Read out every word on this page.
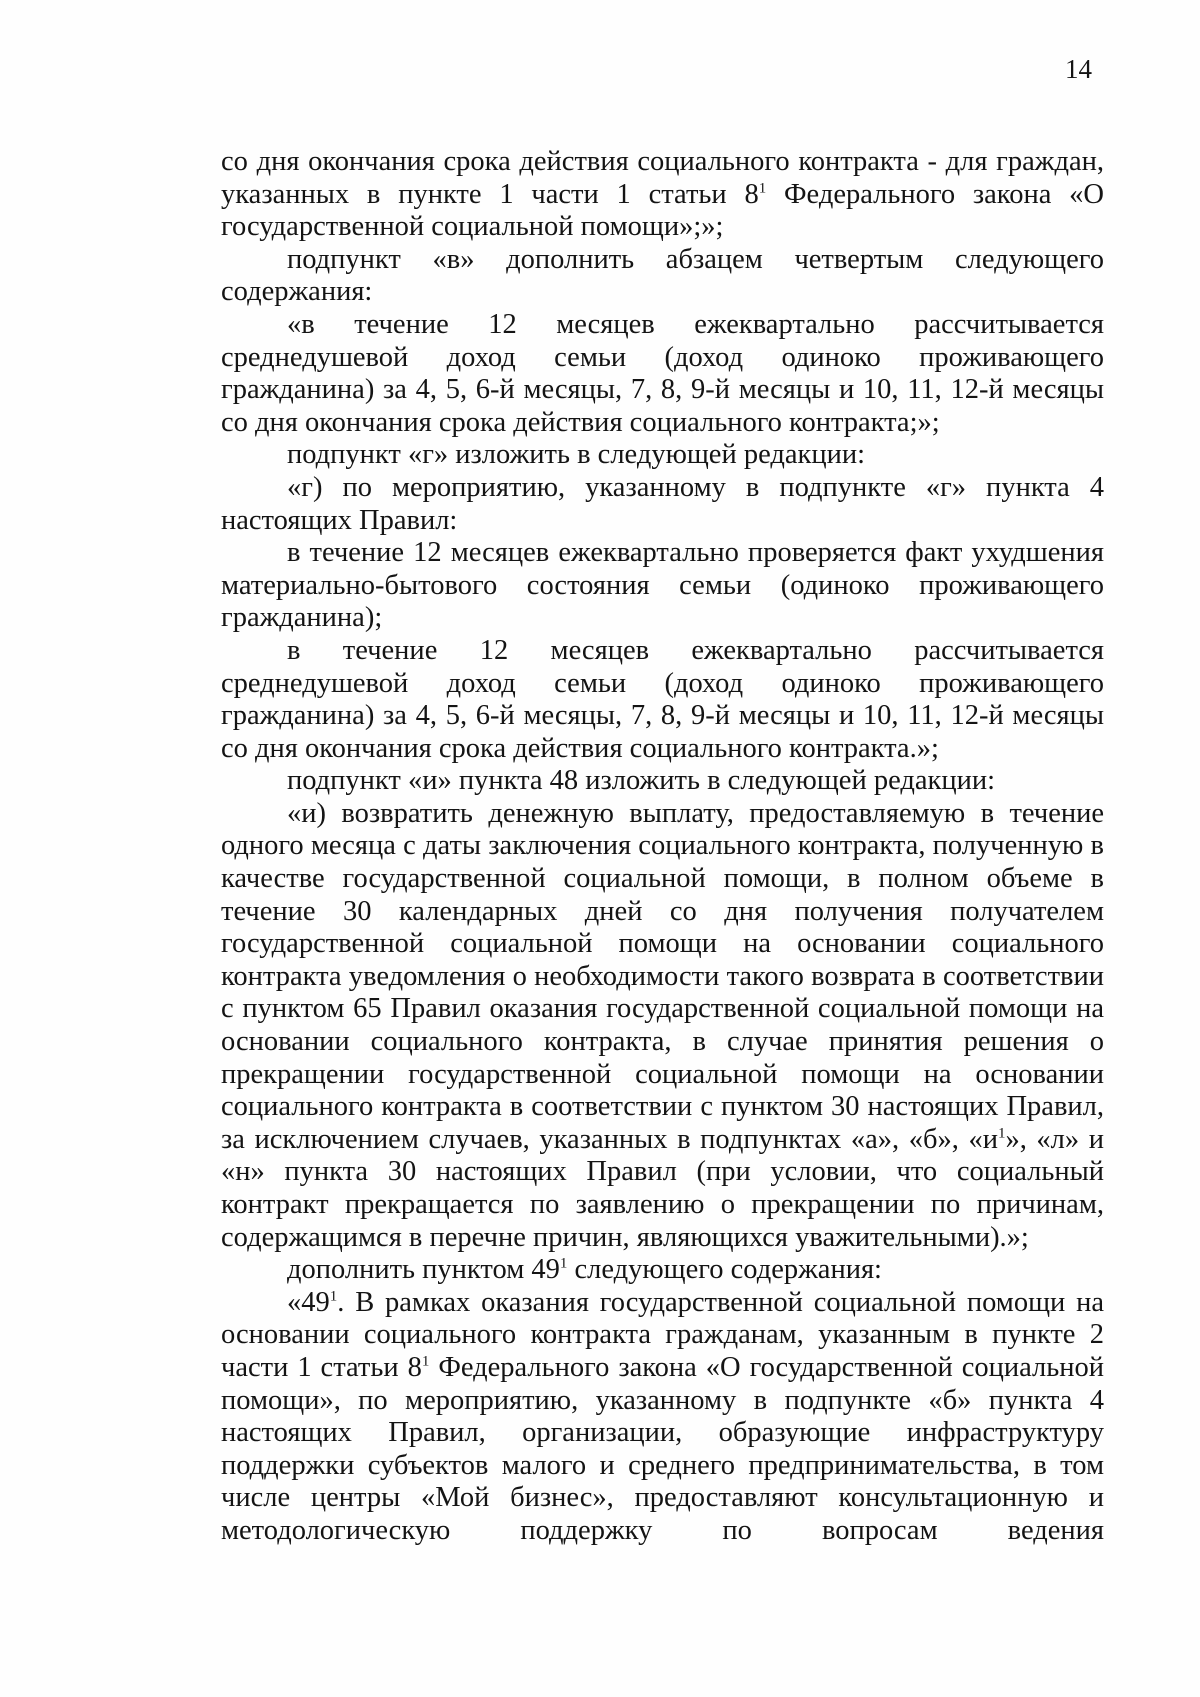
14

со дня окончания срока действия социального контракта - для граждан, указанных в пункте 1 части 1 статьи $8^1$ Федерального закона «О государственной социальной помощи»;»;

подпункт «в» дополнить абзацем четвертым следующего содержания:

«в течение 12 месяцев ежеквартально рассчитывается среднедушевой доход семьи (доход одиноко проживающего гражданина) за 4, 5, 6-й месяцы, 7, 8, 9-й месяцы и 10, 11, 12-й месяцы со дня окончания срока действия социального контракта;»;

подпункт «г» изложить в следующей редакции:

«г) по мероприятию, указанному в подпункте «г» пункта 4 настоящих Правил:

в течение 12 месяцев ежеквартально проверяется факт ухудшения материально-бытового состояния семьи (одиноко проживающего гражданина);

в течение 12 месяцев ежеквартально рассчитывается среднедушевой доход семьи (доход одиноко проживающего гражданина) за 4, 5, 6-й месяцы, 7, 8, 9-й месяцы и 10, 11, 12-й месяцы со дня окончания срока действия социального контракта.»;

подпункт «и» пункта 48 изложить в следующей редакции:

«и) возвратить денежную выплату, предоставляемую в течение одного месяца с даты заключения социального контракта, полученную в качестве государственной социальной помощи, в полном объеме в течение 30 календарных дней со дня получения получателем государственной социальной помощи на основании социального контракта уведомления о необходимости такого возврата в соответствии с пунктом 65 Правил оказания государственной социальной помощи на основании социального контракта, в случае принятия решения о прекращении государственной социальной помощи на основании социального контракта в соответствии с пунктом 30 настоящих Правил, за исключением случаев, указанных в подпунктах «а», «б», «$и^1$», «л» и «н» пункта 30 настоящих Правил (при условии, что социальный контракт прекращается по заявлению о прекращении по причинам, содержащимся в перечне причин, являющихся уважительными).»;

дополнить пунктом $49^1$ следующего содержания:

«$49^1$. В рамках оказания государственной социальной помощи на основании социального контракта гражданам, указанным в пункте 2 части 1 статьи $8^1$ Федерального закона «О государственной социальной помощи», по мероприятию, указанному в подпункте «б» пункта 4 настоящих Правил, организации, образующие инфраструктуру поддержки субъектов малого и среднего предпринимательства, в том числе центры «Мой бизнес», предоставляют консультационную и методологическую поддержку по вопросам ведения
